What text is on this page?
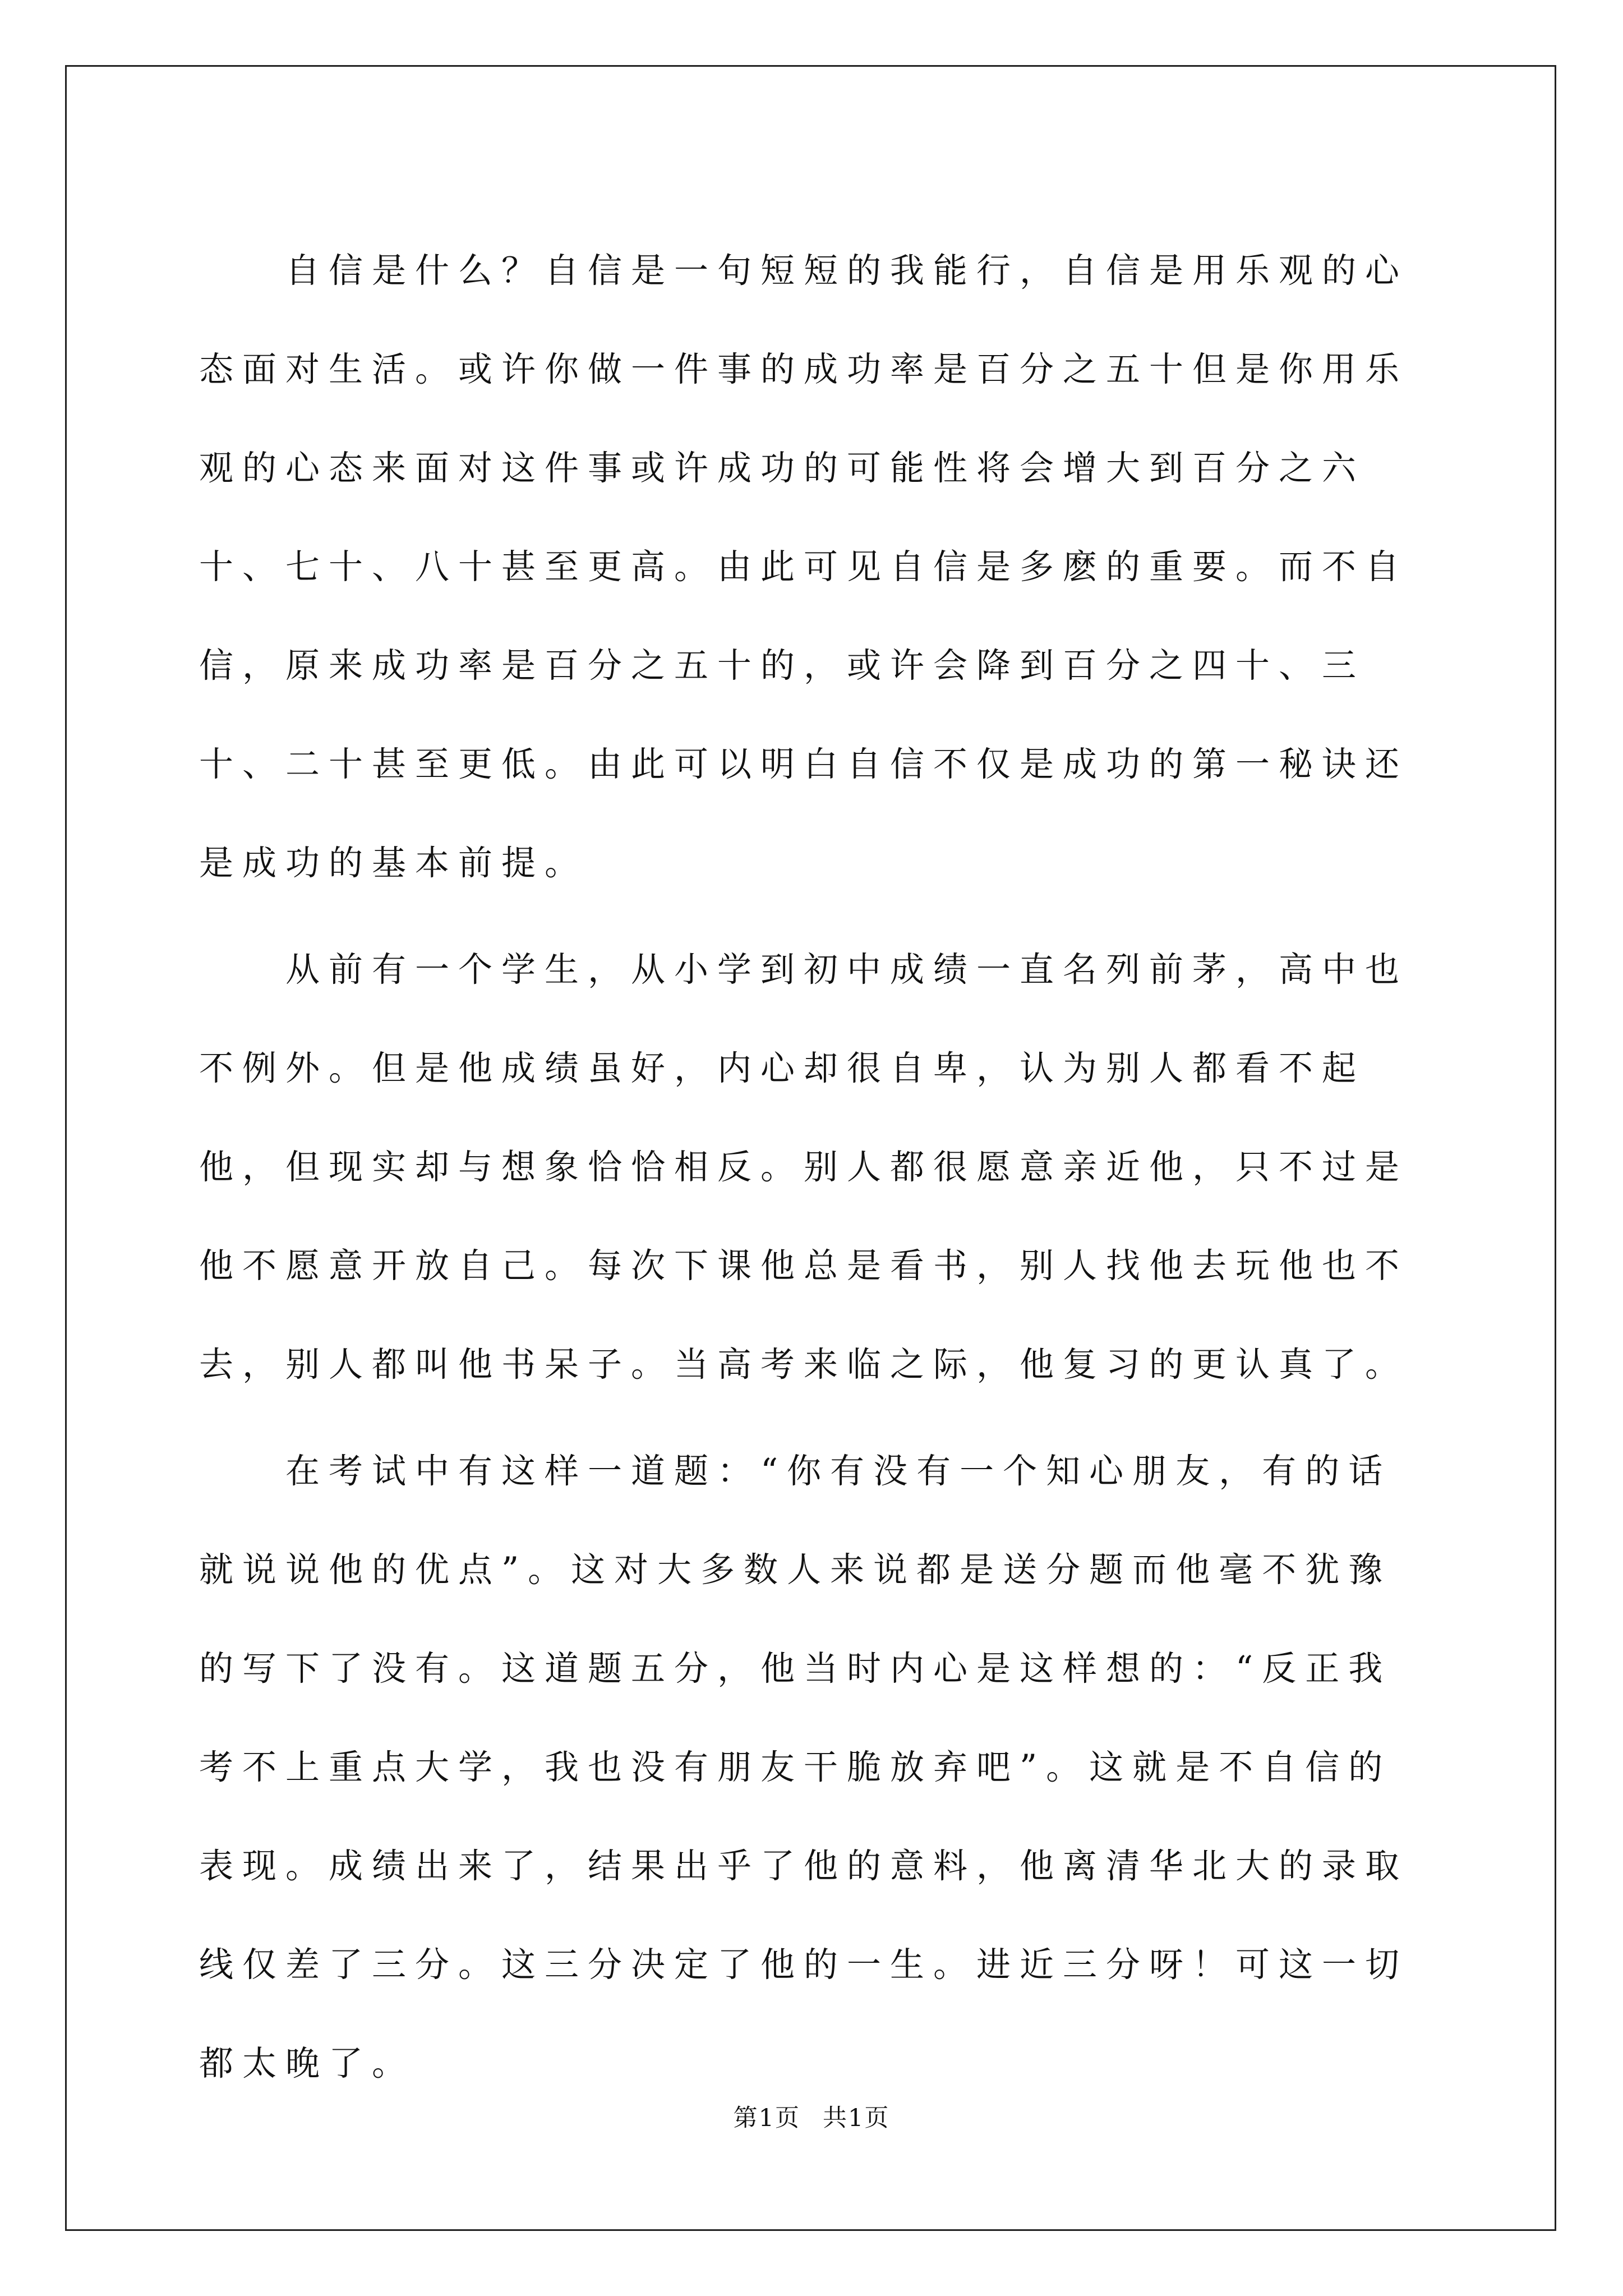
自信是什么？自信是一句短短的我能行，自信是用乐观的心态面对生活。或许你做一件事的成功率是百分之五十但是你用乐观的心态来面对这件事或许成功的可能性将会增大到百分之六十、七十、八十甚至更高。由此可见自信是多麽的重要。而不自信，原来成功率是百分之五十的，或许会降到百分之四十、三十、二十甚至更低。由此可以明白自信不仅是成功的第一秘诀还是成功的基本前提。

从前有一个学生，从小学到初中成绩一直名列前茅，高中也不例外。但是他成绩虽好，内心却很自卑，认为别人都看不起他，但现实却与想象恰恰相反。别人都很愿意亲近他，只不过是他不愿意开放自己。每次下课他总是看书，别人找他去玩他也不去，别人都叫他书呆子。当高考来临之际，他复习的更认真了。

在考试中有这样一道题：“你有没有一个知心朋友，有的话就说说他的优点”。这对大多数人来说都是送分题而他毫不犹豫的写下了没有。这道题五分，他当时内心是这样想的：“反正我考不上重点大学，我也没有朋友干脆放弃吧”。这就是不自信的表现。成绩出来了，结果出乎了他的意料，他离清华北大的录取线仅差了三分。这三分决定了他的一生。进近三分呀！可这一切都太晚了。

第1页 共1页
